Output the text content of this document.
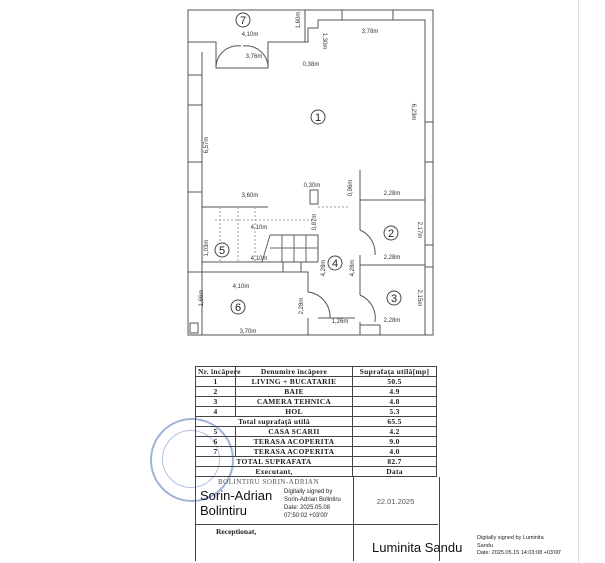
7
1
2
4
5
6
3
4,10m
3,76m
1,60m
3,78m
1,30m
0,38m
6,23m
6,57m
3,60m
0,30m	0,96m	2,28m
4,10m
4,10m
1,03m
0,87m	2,17m
2,28m
4,28m	4,28m
4,10m
1,66m
3,70m
2,28m
1,26m
2,15m
2,28m
Nr. încăpere	Denumire încăpere	Suprafața utilă[mp]
1	LIVING + BUCATARIE	50.5
2	BAIE	4.9
3	CAMERA TEHNICA	4.8
4	HOL	5.3
Total suprafață utilă		65.5
5	CASA SCARII	4.2
6	TERASA ACOPERITA	9.0
7	TERASA ACOPERITA	4.0
TOTAL SUPRAFATA		82.7
Executant,		Data
BOLINTIRU SORIN-ADRIAN
Sorin-Adrian
Bolintiru
Digitally signed by
Sorin-Adrian Bolintiru
Date: 2025.05.08
07:50:02 +03'00'
22.01.2025
Receptionat,
Luminita Sandu
Digitally signed by Luminita
Sandu
Date: 2025.05.15 14:03:08 +03'00'
